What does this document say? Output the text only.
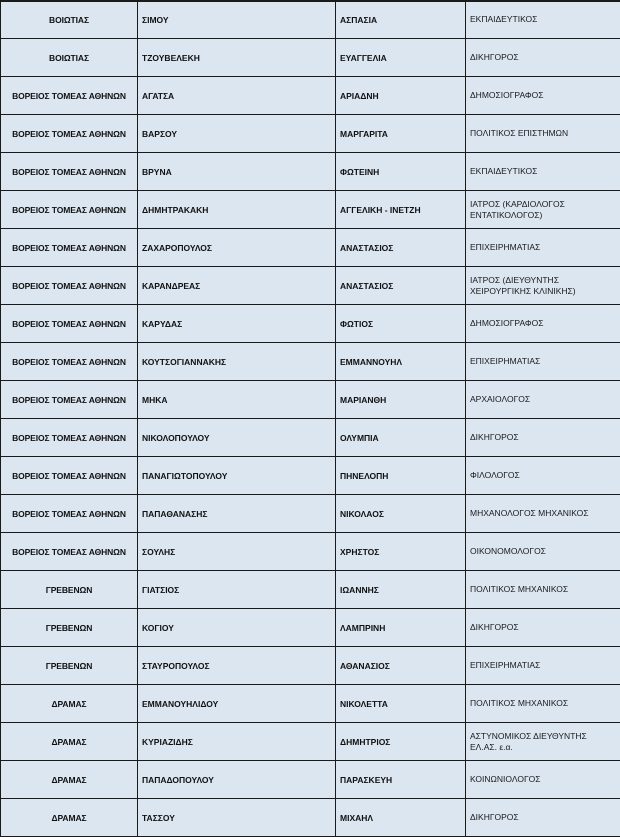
ΒΟΙΩΤΙΑΣ	ΣΙΜΟΥ	ΑΣΠΑΣΙΑ	ΕΚΠΑΙΔΕΥΤΙΚΟΣ
ΒΟΙΩΤΙΑΣ	ΤΖΟΥΒΕΛΕΚΗ	ΕΥΑΓΓΕΛΙΑ	ΔΙΚΗΓΟΡΟΣ
ΒΟΡΕΙΟΣ ΤΟΜΕΑΣ ΑΘΗΝΩΝ	ΑΓΑΤΣΑ	ΑΡΙΑΔΝΗ	ΔΗΜΟΣΙΟΓΡΑΦΟΣ
ΒΟΡΕΙΟΣ ΤΟΜΕΑΣ ΑΘΗΝΩΝ	ΒΑΡΣΟΥ	ΜΑΡΓΑΡΙΤΑ	ΠΟΛΙΤΙΚΟΣ ΕΠΙΣΤΗΜΩΝ
ΒΟΡΕΙΟΣ ΤΟΜΕΑΣ ΑΘΗΝΩΝ	ΒΡΥΝΑ	ΦΩΤΕΙΝΗ	ΕΚΠΑΙΔΕΥΤΙΚΟΣ
ΒΟΡΕΙΟΣ ΤΟΜΕΑΣ ΑΘΗΝΩΝ	ΔΗΜΗΤΡΑΚΑΚΗ	ΑΓΓΕΛΙΚΗ - ΙΝΕΤΖΗ	ΙΑΤΡΟΣ (ΚΑΡΔΙΟΛΟΓΟΣ ΕΝΤΑΤΙΚΟΛΟΓΟΣ)
ΒΟΡΕΙΟΣ ΤΟΜΕΑΣ ΑΘΗΝΩΝ	ΖΑΧΑΡΟΠΟΥΛΟΣ	ΑΝΑΣΤΑΣΙΟΣ	ΕΠΙΧΕΙΡΗΜΑΤΙΑΣ
ΒΟΡΕΙΟΣ ΤΟΜΕΑΣ ΑΘΗΝΩΝ	ΚΑΡΑΝΔΡΕΑΣ	ΑΝΑΣΤΑΣΙΟΣ	ΙΑΤΡΟΣ (ΔΙΕΥΘΥΝΤΗΣ ΧΕΙΡΟΥΡΓΙΚΗΣ ΚΛΙΝΙΚΗΣ)
ΒΟΡΕΙΟΣ ΤΟΜΕΑΣ ΑΘΗΝΩΝ	ΚΑΡΥΔΑΣ	ΦΩΤΙΟΣ	ΔΗΜΟΣΙΟΓΡΑΦΟΣ
ΒΟΡΕΙΟΣ ΤΟΜΕΑΣ ΑΘΗΝΩΝ	ΚΟΥΤΣΟΓΙΑΝΝΑΚΗΣ	ΕΜΜΑΝΝΟΥΗΛ	ΕΠΙΧΕΙΡΗΜΑΤΙΑΣ
ΒΟΡΕΙΟΣ ΤΟΜΕΑΣ ΑΘΗΝΩΝ	ΜΗΚΑ	ΜΑΡΙΑΝΘΗ	ΑΡΧΑΙΟΛΟΓΟΣ
ΒΟΡΕΙΟΣ ΤΟΜΕΑΣ ΑΘΗΝΩΝ	ΝΙΚΟΛΟΠΟΥΛΟΥ	ΟΛΥΜΠΙΑ	ΔΙΚΗΓΟΡΟΣ
ΒΟΡΕΙΟΣ ΤΟΜΕΑΣ ΑΘΗΝΩΝ	ΠΑΝΑΓΙΩΤΟΠΟΥΛΟΥ	ΠΗΝΕΛΟΠΗ	ΦΙΛΟΛΟΓΟΣ
ΒΟΡΕΙΟΣ ΤΟΜΕΑΣ ΑΘΗΝΩΝ	ΠΑΠΑΘΑΝΑΣΗΣ	ΝΙΚΟΛΑΟΣ	ΜΗΧΑΝΟΛΟΓΟΣ ΜΗΧΑΝΙΚΟΣ
ΒΟΡΕΙΟΣ ΤΟΜΕΑΣ ΑΘΗΝΩΝ	ΣΟΥΛΗΣ	ΧΡΗΣΤΟΣ	ΟΙΚΟΝΟΜΟΛΟΓΟΣ
ΓΡΕΒΕΝΩΝ	ΓΙΑΤΣΙΟΣ	ΙΩΑΝΝΗΣ	ΠΟΛΙΤΙΚΟΣ ΜΗΧΑΝΙΚΟΣ
ΓΡΕΒΕΝΩΝ	ΚΟΓΙΟΥ	ΛΑΜΠΡΙΝΗ	ΔΙΚΗΓΟΡΟΣ
ΓΡΕΒΕΝΩΝ	ΣΤΑΥΡΟΠΟΥΛΟΣ	ΑΘΑΝΑΣΙΟΣ	ΕΠΙΧΕΙΡΗΜΑΤΙΑΣ
ΔΡΑΜΑΣ	ΕΜΜΑΝΟΥΗΛΙΔΟΥ	ΝΙΚΟΛΕΤΤΑ	ΠΟΛΙΤΙΚΟΣ ΜΗΧΑΝΙΚΟΣ
ΔΡΑΜΑΣ	ΚΥΡΙΑΖΙΔΗΣ	ΔΗΜΗΤΡΙΟΣ	ΑΣΤΥΝΟΜΙΚΟΣ ΔΙΕΥΘΥΝΤΗΣ ΕΛ.ΑΣ. ε.α.
ΔΡΑΜΑΣ	ΠΑΠΑΔΟΠΟΥΛΟΥ	ΠΑΡΑΣΚΕΥΗ	ΚΟΙΝΩΝΙΟΛΟΓΟΣ
ΔΡΑΜΑΣ	ΤΑΣΣΟΥ	ΜΙΧΑΗΛ	ΔΙΚΗΓΟΡΟΣ
